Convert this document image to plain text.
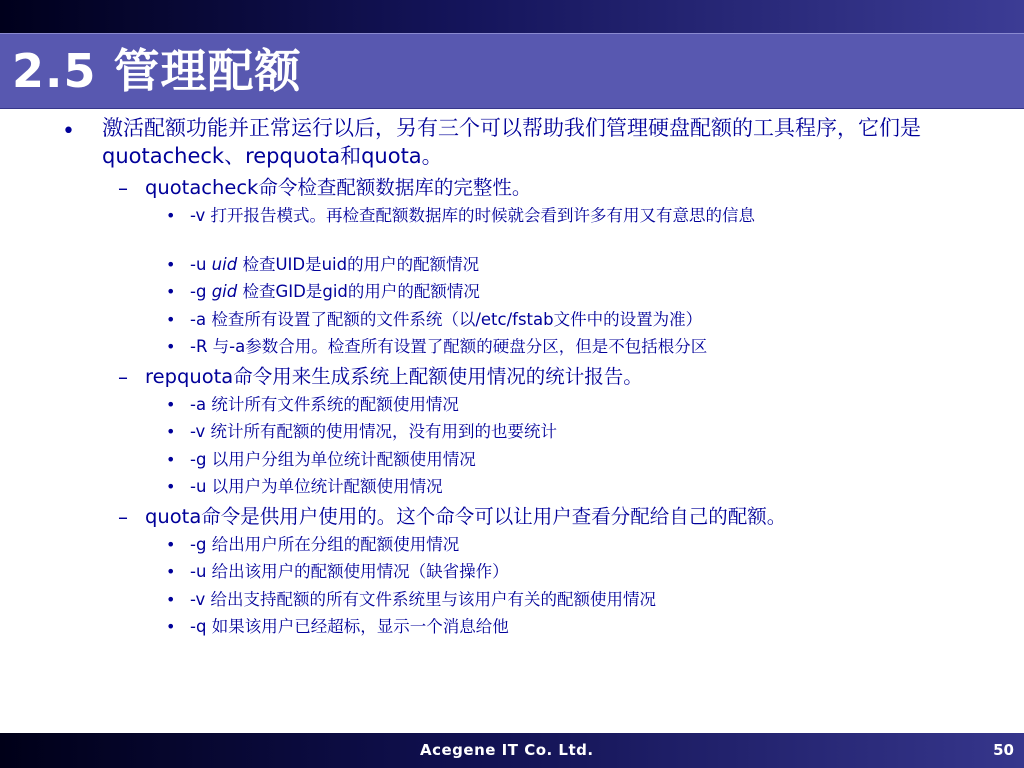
2.5 管理配额
• 激活配额功能并正常运行以后，另有三个可以帮助我们管理硬盘配额的工具程序，它们是quotacheck、repquota和quota。
– quotacheck命令检查配额数据库的完整性。
• -v 打开报告模式。再检查配额数据库的时候就会看到许多有用又有意思的信息
• -u uid 检查UID是uid的用户的配额情况
• -g gid 检查GID是gid的用户的配额情况
• -a 检查所有设置了配额的文件系统（以/etc/fstab文件中的设置为准）
• -R 与-a参数合用。检查所有设置了配额的硬盘分区，但是不包括根分区
– repquota命令用来生成系统上配额使用情况的统计报告。
• -a 统计所有文件系统的配额使用情况
• -v 统计所有配额的使用情况，没有用到的也要统计
• -g 以用户分组为单位统计配额使用情况
• -u 以用户为单位统计配额使用情况
– quota命令是供用户使用的。这个命令可以让用户查看分配给自己的配额。
• -g 给出用户所在分组的配额使用情况
• -u 给出该用户的配额使用情况（缺省操作）
• -v 给出支持配额的所有文件系统里与该用户有关的配额使用情况
• -q 如果该用户已经超标，显示一个消息给他
Acegene IT Co. Ltd.	50
